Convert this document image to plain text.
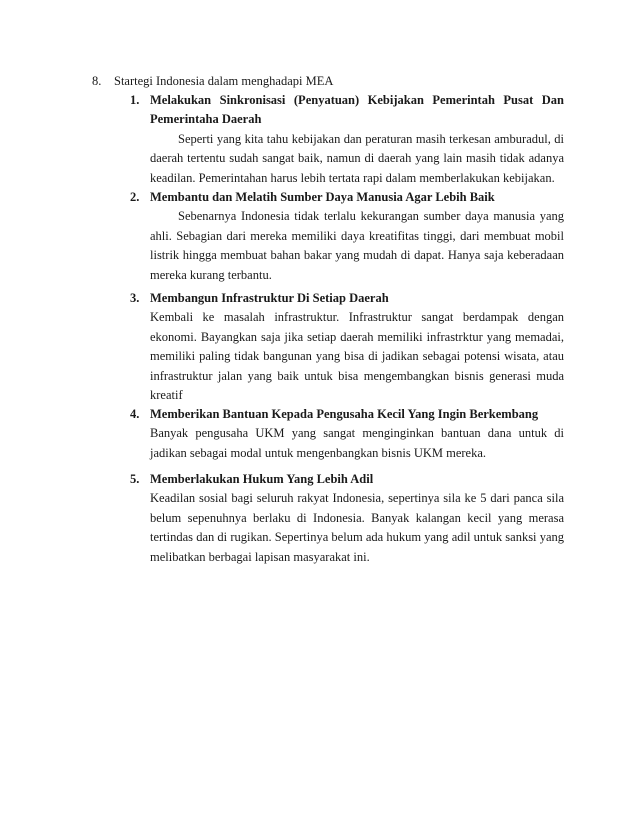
8. Startegi Indonesia dalam menghadapi MEA
1. Melakukan Sinkronisasi (Penyatuan) Kebijakan Pemerintah Pusat Dan Pemerintaha Daerah
Seperti yang kita tahu kebijakan dan peraturan masih terkesan amburadul, di daerah tertentu sudah sangat baik, namun di daerah yang lain masih tidak adanya keadilan. Pemerintahan harus lebih tertata rapi dalam memberlakukan kebijakan.
2. Membantu dan Melatih Sumber Daya Manusia Agar Lebih Baik
Sebenarnya Indonesia tidak terlalu kekurangan sumber daya manusia yang ahli. Sebagian dari mereka memiliki daya kreatifitas tinggi, dari membuat mobil listrik hingga membuat bahan bakar yang mudah di dapat. Hanya saja keberadaan mereka kurang terbantu.
3. Membangun Infrastruktur Di Setiap Daerah
Kembali ke masalah infrastruktur. Infrastruktur sangat berdampak dengan ekonomi. Bayangkan saja jika setiap daerah memiliki infrastrktur yang memadai, memiliki paling tidak bangunan yang bisa di jadikan sebagai potensi wisata, atau infrastruktur jalan yang baik untuk bisa mengembangkan bisnis generasi muda kreatif
4. Memberikan Bantuan Kepada Pengusaha Kecil Yang Ingin Berkembang
Banyak pengusaha UKM yang sangat menginginkan bantuan dana untuk di jadikan sebagai modal untuk mengenbangkan bisnis UKM mereka.
5. Memberlakukan Hukum Yang Lebih Adil
Keadilan sosial bagi seluruh rakyat Indonesia, sepertinya sila ke 5 dari panca sila belum sepenuhnya berlaku di Indonesia. Banyak kalangan kecil yang merasa tertindas dan di rugikan. Sepertinya belum ada hukum yang adil untuk sanksi yang melibatkan berbagai lapisan masyarakat ini.
